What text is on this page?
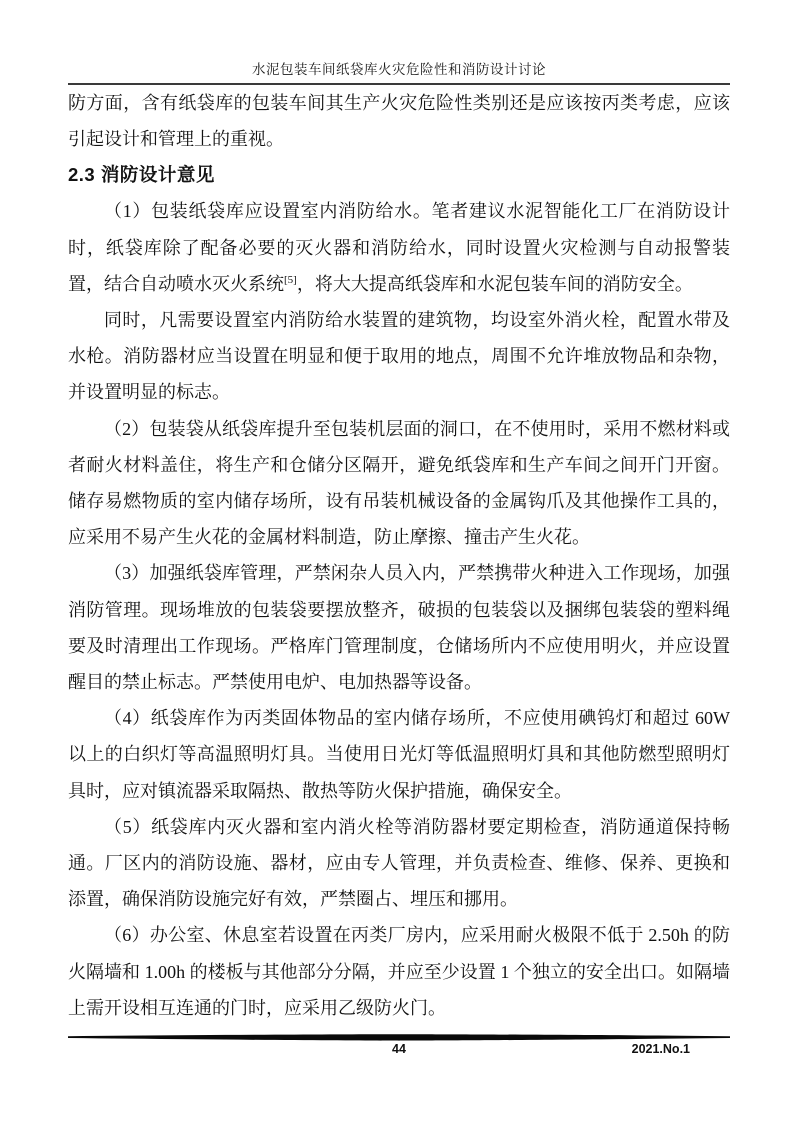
水泥包装车间纸袋库火灾危险性和消防设计讨论

防方面，含有纸袋库的包装车间其生产火灾危险性类别还是应该按丙类考虑，应该引起设计和管理上的重视。

2.3 消防设计意见

（1）包装纸袋库应设置室内消防给水。笔者建议水泥智能化工厂在消防设计时，纸袋库除了配备必要的灭火器和消防给水，同时设置火灾检测与自动报警装置，结合自动喷水灭火系统[5]，将大大提高纸袋库和水泥包装车间的消防安全。

同时，凡需要设置室内消防给水装置的建筑物，均设室外消火栓，配置水带及水枪。消防器材应当设置在明显和便于取用的地点，周围不允许堆放物品和杂物，并设置明显的标志。

（2）包装袋从纸袋库提升至包装机层面的洞口，在不使用时，采用不燃材料或者耐火材料盖住，将生产和仓储分区隔开，避免纸袋库和生产车间之间开门开窗。储存易燃物质的室内储存场所，设有吊装机械设备的金属钩爪及其他操作工具的，应采用不易产生火花的金属材料制造，防止摩擦、撞击产生火花。

（3）加强纸袋库管理，严禁闲杂人员入内，严禁携带火种进入工作现场，加强消防管理。现场堆放的包装袋要摆放整齐，破损的包装袋以及捆绑包装袋的塑料绳要及时清理出工作现场。严格库门管理制度，仓储场所内不应使用明火，并应设置醒目的禁止标志。严禁使用电炉、电加热器等设备。

（4）纸袋库作为丙类固体物品的室内储存场所，不应使用碘钨灯和超过 60W 以上的白织灯等高温照明灯具。当使用日光灯等低温照明灯具和其他防燃型照明灯具时，应对镇流器采取隔热、散热等防火保护措施，确保安全。

（5）纸袋库内灭火器和室内消火栓等消防器材要定期检查，消防通道保持畅通。厂区内的消防设施、器材，应由专人管理，并负责检查、维修、保养、更换和添置，确保消防设施完好有效，严禁圈占、埋压和挪用。

（6）办公室、休息室若设置在丙类厂房内，应采用耐火极限不低于 2.50h 的防火隔墙和 1.00h 的楼板与其他部分分隔，并应至少设置 1 个独立的安全出口。如隔墙上需开设相互连通的门时，应采用乙级防火门。

44	2021.No.1
